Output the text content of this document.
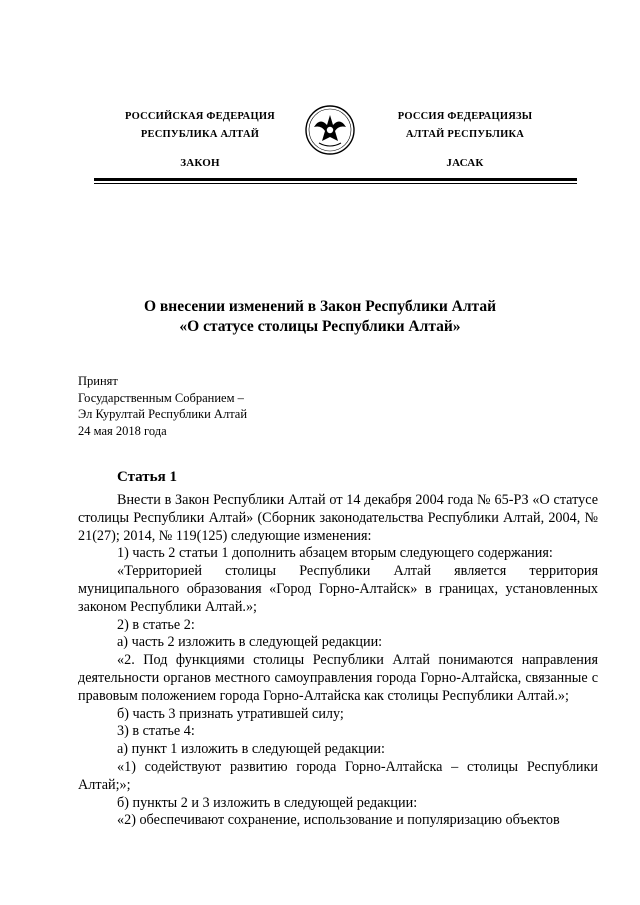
РОССИЙСКАЯ ФЕДЕРАЦИЯ
РЕСПУБЛИКА АЛТАЙ
ЗАКОН
РОССИЯ ФЕДЕРАЦИЯЗЫ
АЛТАЙ РЕСПУБЛИКА
JАСАК
О внесении изменений в Закон Республики Алтай
«О статусе столицы Республики Алтай»
Принят
Государственным Собранием –
Эл Курултай Республики Алтай
24 мая 2018 года
Статья 1

Внести в Закон Республики Алтай от 14 декабря 2004 года № 65-РЗ «О статусе столицы Республики Алтай» (Сборник законодательства Республики Алтай, 2004, № 21(27); 2014, № 119(125) следующие изменения:

1) часть 2 статьи 1 дополнить абзацем вторым следующего содержания:

«Территорией столицы Республики Алтай является территория муниципального образования «Город Горно-Алтайск» в границах, установленных законом Республики Алтай.»;

2) в статье 2:

а) часть 2 изложить в следующей редакции:

«2. Под функциями столицы Республики Алтай понимаются направления деятельности органов местного самоуправления города Горно-Алтайска, связанные с правовым положением города Горно-Алтайска как столицы Республики Алтай.»;

б) часть 3 признать утратившей силу;

3) в статье 4:

а) пункт 1 изложить в следующей редакции:

«1) содействуют развитию города Горно-Алтайска – столицы Республики Алтай;»;

б) пункты 2 и 3 изложить в следующей редакции:

«2) обеспечивают сохранение, использование и популяризацию объектов
